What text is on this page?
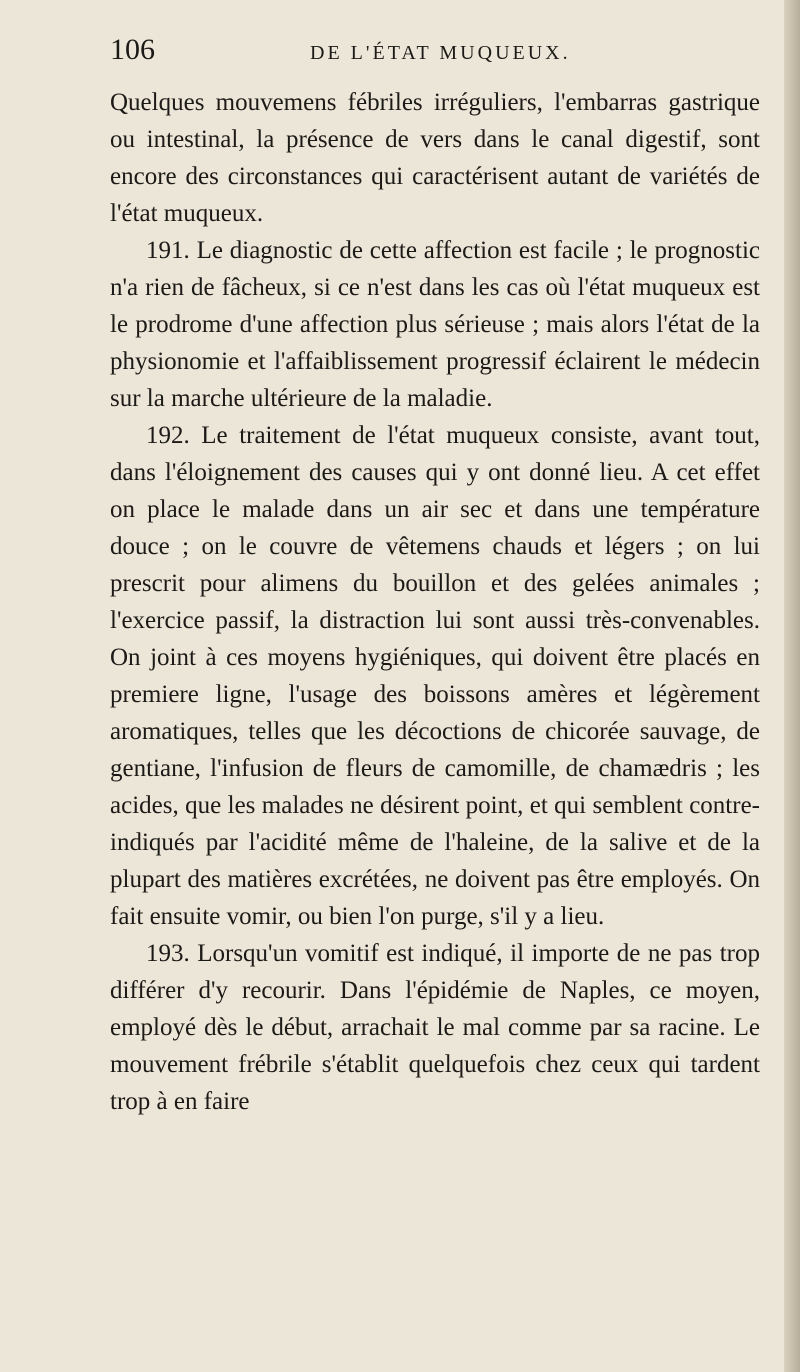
106	DE L'ÉTAT MUQUEUX.

Quelques mouvemens fébriles irréguliers, l'embarras gastrique ou intestinal, la présence de vers dans le canal digestif, sont encore des circonstances qui caractérisent autant de variétés de l'état muqueux.

191. Le diagnostic de cette affection est facile ; le prognostic n'a rien de fâcheux, si ce n'est dans les cas où l'état muqueux est le prodrome d'une affection plus sérieuse ; mais alors l'état de la physionomie et l'affaiblissement progressif éclairent le médecin sur la marche ultérieure de la maladie.

192. Le traitement de l'état muqueux consiste, avant tout, dans l'éloignement des causes qui y ont donné lieu. A cet effet on place le malade dans un air sec et dans une température douce ; on le couvre de vêtemens chauds et légers ; on lui prescrit pour alimens du bouillon et des gelées animales ; l'exercice passif, la distraction lui sont aussi très-convenables. On joint à ces moyens hygiéniques, qui doivent être placés en premiere ligne, l'usage des boissons amères et légèrement aromatiques, telles que les décoctions de chicorée sauvage, de gentiane, l'infusion de fleurs de camomille, de chamædris ; les acides, que les malades ne désirent point, et qui semblent contre-indiqués par l'acidité même de l'haleine, de la salive et de la plupart des matières excrétées, ne doivent pas être employés. On fait ensuite vomir, ou bien l'on purge, s'il y a lieu.

193. Lorsqu'un vomitif est indiqué, il importe de ne pas trop différer d'y recourir. Dans l'épidémie de Naples, ce moyen, employé dès le début, arrachait le mal comme par sa racine. Le mouvement frébrile s'établit quelquefois chez ceux qui tardent trop à en faire
